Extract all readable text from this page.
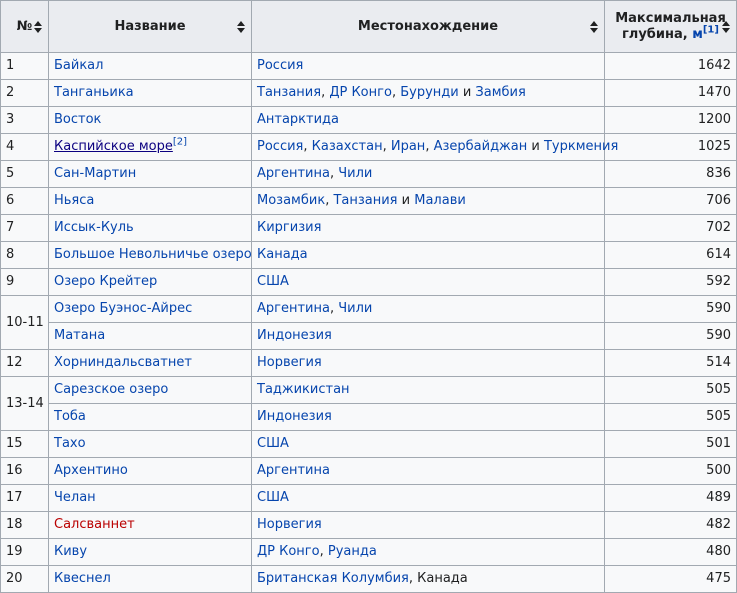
№	Название	Местонахождение	Максимальная
глубина, м[1]

1	Байкал	Россия	1642
2	Танганьика	Танзания, ДР Конго, Бурунди и Замбия	1470
3	Восток	Антарктида	1200
4	Каспийское море[2]	Россия, Казахстан, Иран, Азербайджан и Туркмения	1025
5	Сан-Мартин	Аргентина, Чили	836
6	Ньяса	Мозамбик, Танзания и Малави	706
7	Иссык-Куль	Киргизия	702
8	Большое Невольничье озеро	Канада	614
9	Озеро Крейтер	США	592
10-11	Озеро Буэнос-Айрес	Аргентина, Чили	590
	Матана	Индонезия	590
12	Хорниндальсватнет	Норвегия	514
13-14	Сарезское озеро	Таджикистан	505
	Тоба	Индонезия	505
15	Тахо	США	501
16	Архентино	Аргентина	500
17	Челан	США	489
18	Салсваннет	Норвегия	482
19	Киву	ДР Конго, Руанда	480
20	Квеснел	Британская Колумбия, Канада	475
